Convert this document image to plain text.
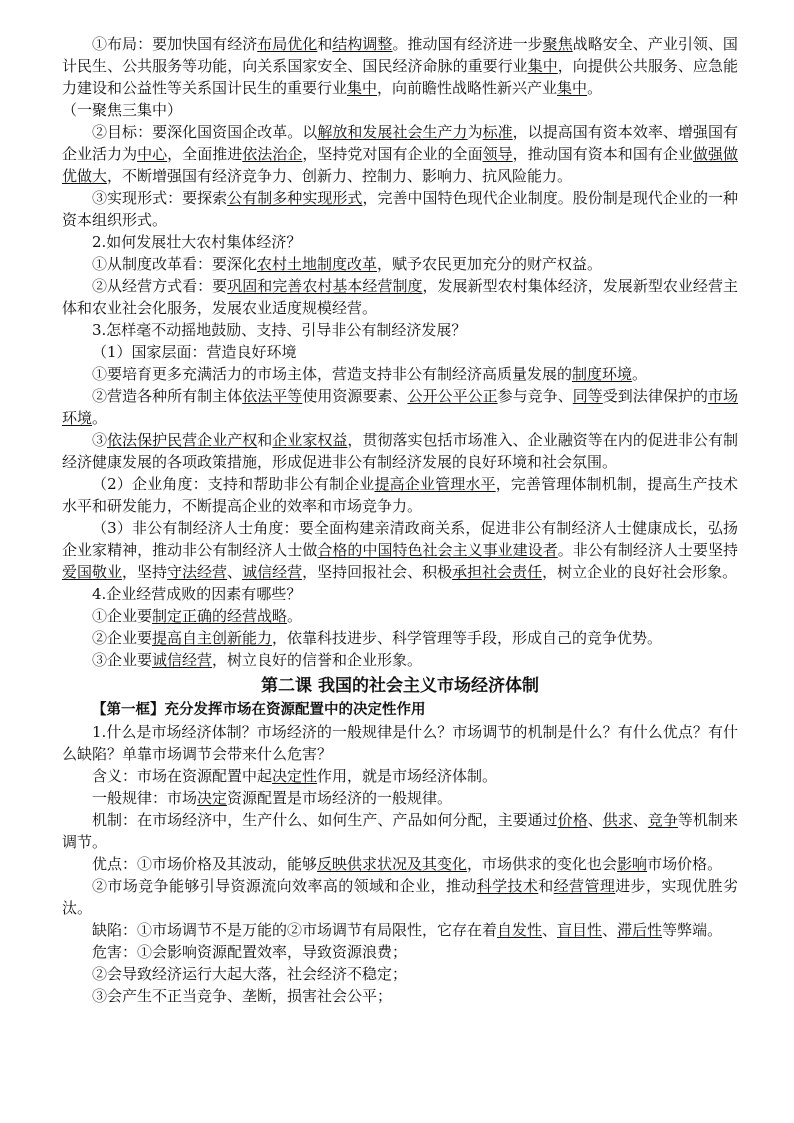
①布局：要加快国有经济布局优化和结构调整。推动国有经济进一步聚焦战略安全、产业引领、国计民生、公共服务等功能，向关系国家安全、国民经济命脉的重要行业集中，向提供公共服务、应急能力建设和公益性等关系国计民生的重要行业集中，向前瞻性战略性新兴产业集中。

（一聚焦三集中）

②目标：要深化国资国企改革。以解放和发展社会生产力为标准，以提高国有资本效率、增强国有企业活力为中心，全面推进依法治企，坚持党对国有企业的全面领导，推动国有资本和国有企业做强做优做大，不断增强国有经济竞争力、创新力、控制力、影响力、抗风险能力。

③实现形式：要探索公有制多种实现形式，完善中国特色现代企业制度。股份制是现代企业的一种资本组织形式。

2.如何发展壮大农村集体经济？

①从制度改革看：要深化农村土地制度改革，赋予农民更加充分的财产权益。

②从经营方式看：要巩固和完善农村基本经营制度，发展新型农村集体经济，发展新型农业经营主体和农业社会化服务，发展农业适度规模经营。

3.怎样毫不动摇地鼓励、支持、引导非公有制经济发展？

（1）国家层面：营造良好环境

①要培育更多充满活力的市场主体，营造支持非公有制经济高质量发展的制度环境。

②营造各种所有制主体依法平等使用资源要素、公开公平公正参与竞争、同等受到法律保护的市场环境。

③依法保护民营企业产权和企业家权益，贯彻落实包括市场准入、企业融资等在内的促进非公有制经济健康发展的各项政策措施，形成促进非公有制经济发展的良好环境和社会氛围。

（2）企业角度：支持和帮助非公有制企业提高企业管理水平，完善管理体制机制，提高生产技术水平和研发能力，不断提高企业的效率和市场竞争力。

（3）非公有制经济人士角度：要全面构建亲清政商关系，促进非公有制经济人士健康成长，弘扬企业家精神，推动非公有制经济人士做合格的中国特色社会主义事业建设者。非公有制经济人士要坚持爱国敬业，坚持守法经营、诚信经营，坚持回报社会、积极承担社会责任，树立企业的良好社会形象。

4.企业经营成败的因素有哪些？

①企业要制定正确的经营战略。

②企业要提高自主创新能力，依靠科技进步、科学管理等手段，形成自己的竞争优势。

③企业要诚信经营，树立良好的信誉和企业形象。

第二课 我国的社会主义市场经济体制

【第一框】充分发挥市场在资源配置中的决定性作用

1.什么是市场经济体制？市场经济的一般规律是什么？市场调节的机制是什么？有什么优点？有什么缺陷？单靠市场调节会带来什么危害？

含义：市场在资源配置中起决定性作用，就是市场经济体制。

一般规律：市场决定资源配置是市场经济的一般规律。

机制：在市场经济中，生产什么、如何生产、产品如何分配，主要通过价格、供求、竞争等机制来调节。

优点：①市场价格及其波动，能够反映供求状况及其变化，市场供求的变化也会影响市场价格。

②市场竞争能够引导资源流向效率高的领域和企业，推动科学技术和经营管理进步，实现优胜劣汰。

缺陷：①市场调节不是万能的②市场调节有局限性，它存在着自发性、盲目性、滞后性等弊端。

危害：①会影响资源配置效率，导致资源浪费；

②会导致经济运行大起大落，社会经济不稳定；

③会产生不正当竞争、垄断，损害社会公平；
